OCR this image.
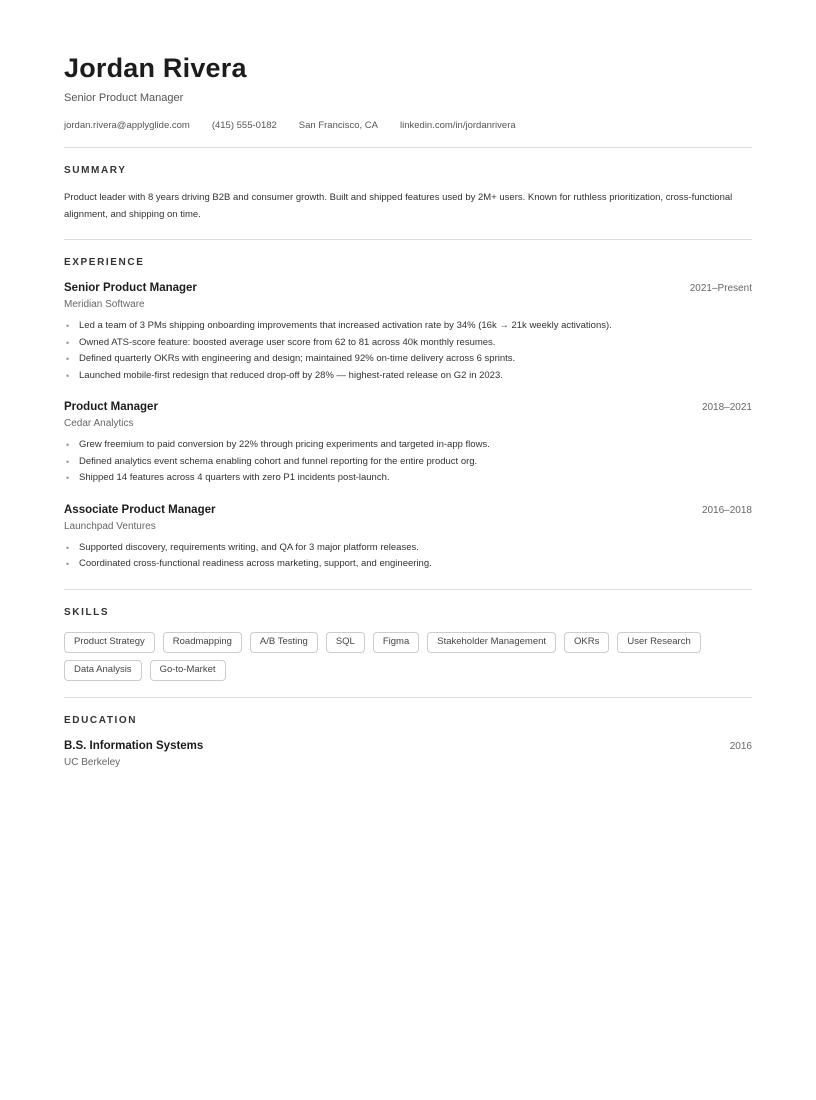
Jordan Rivera
Senior Product Manager
jordan.rivera@applyglide.com (415) 555-0182 San Francisco, CA linkedin.com/in/jordanrivera
SUMMARY

Product leader with 8 years driving B2B and consumer growth. Built and shipped features used by 2M+ users. Known for ruthless prioritization, cross-functional alignment, and shipping on time.

EXPERIENCE
Senior Product Manager	2021–Present
Meridian Software
• Led a team of 3 PMs shipping onboarding improvements that increased activation rate by 34% (16k → 21k weekly activations).
• Owned ATS-score feature: boosted average user score from 62 to 81 across 40k monthly resumes.
• Defined quarterly OKRs with engineering and design; maintained 92% on-time delivery across 6 sprints.
• Launched mobile-first redesign that reduced drop-off by 28% — highest-rated release on G2 in 2023.
Product Manager	2018–2021
Cedar Analytics
• Grew freemium to paid conversion by 22% through pricing experiments and targeted in-app flows.
• Defined analytics event schema enabling cohort and funnel reporting for the entire product org.
• Shipped 14 features across 4 quarters with zero P1 incidents post-launch.
Associate Product Manager	2016–2018
Launchpad Ventures
• Supported discovery, requirements writing, and QA for 3 major platform releases.
• Coordinated cross-functional readiness across marketing, support, and engineering.
SKILLS
Product Strategy	Roadmapping	A/B Testing	SQL	Figma	Stakeholder Management	OKRs	User Research
Data Analysis	Go-to-Market
EDUCATION
B.S. Information Systems	2016
UC Berkeley
